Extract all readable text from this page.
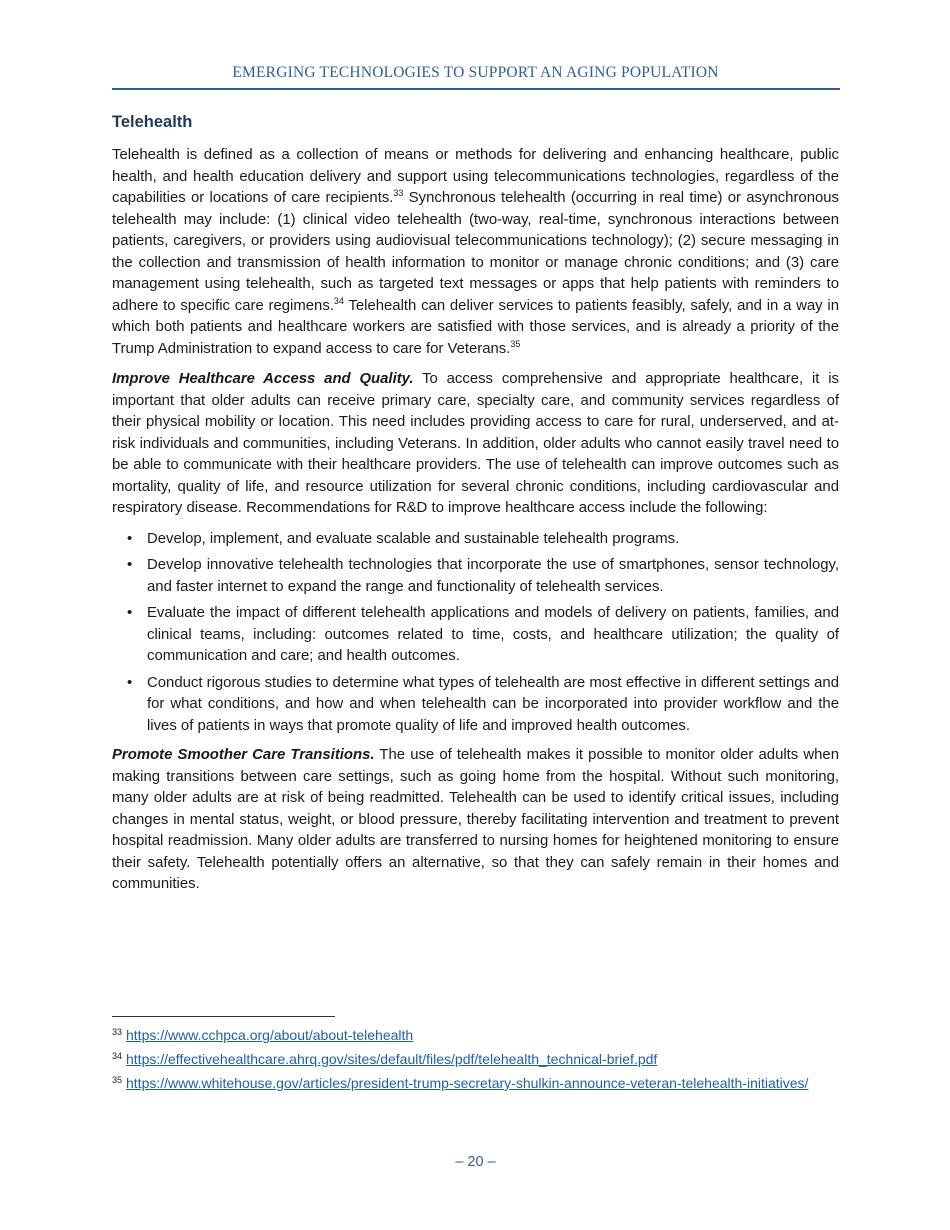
EMERGING TECHNOLOGIES TO SUPPORT AN AGING POPULATION
Telehealth

Telehealth is defined as a collection of means or methods for delivering and enhancing healthcare, public health, and health education delivery and support using telecommunications technologies, regardless of the capabilities or locations of care recipients.$^{33}$ Synchronous telehealth (occurring in real time) or asynchronous telehealth may include: (1) clinical video telehealth (two-way, real-time, synchronous interactions between patients, caregivers, or providers using audiovisual telecommunications technology); (2) secure messaging in the collection and transmission of health information to monitor or manage chronic conditions; and (3) care management using telehealth, such as targeted text messages or apps that help patients with reminders to adhere to specific care regimens.$^{34}$ Telehealth can deliver services to patients feasibly, safely, and in a way in which both patients and healthcare workers are satisfied with those services, and is already a priority of the Trump Administration to expand access to care for Veterans.$^{35}$

Improve Healthcare Access and Quality. To access comprehensive and appropriate healthcare, it is important that older adults can receive primary care, specialty care, and community services regardless of their physical mobility or location. This need includes providing access to care for rural, underserved, and at-risk individuals and communities, including Veterans. In addition, older adults who cannot easily travel need to be able to communicate with their healthcare providers. The use of telehealth can improve outcomes such as mortality, quality of life, and resource utilization for several chronic conditions, including cardiovascular and respiratory disease. Recommendations for R&D to improve healthcare access include the following:

• Develop, implement, and evaluate scalable and sustainable telehealth programs.
• Develop innovative telehealth technologies that incorporate the use of smartphones, sensor technology, and faster internet to expand the range and functionality of telehealth services.
• Evaluate the impact of different telehealth applications and models of delivery on patients, families, and clinical teams, including: outcomes related to time, costs, and healthcare utilization; the quality of communication and care; and health outcomes.
• Conduct rigorous studies to determine what types of telehealth are most effective in different settings and for what conditions, and how and when telehealth can be incorporated into provider workflow and the lives of patients in ways that promote quality of life and improved health outcomes.

Promote Smoother Care Transitions. The use of telehealth makes it possible to monitor older adults when making transitions between care settings, such as going home from the hospital. Without such monitoring, many older adults are at risk of being readmitted. Telehealth can be used to identify critical issues, including changes in mental status, weight, or blood pressure, thereby facilitating intervention and treatment to prevent hospital readmission. Many older adults are transferred to nursing homes for heightened monitoring to ensure their safety. Telehealth potentially offers an alternative, so that they can safely remain in their homes and communities.

33 https://www.cchpca.org/about/about-telehealth
34 https://effectivehealthcare.ahrq.gov/sites/default/files/pdf/telehealth_technical-brief.pdf
35 https://www.whitehouse.gov/articles/president-trump-secretary-shulkin-announce-veteran-telehealth-initiatives/
– 20 –
